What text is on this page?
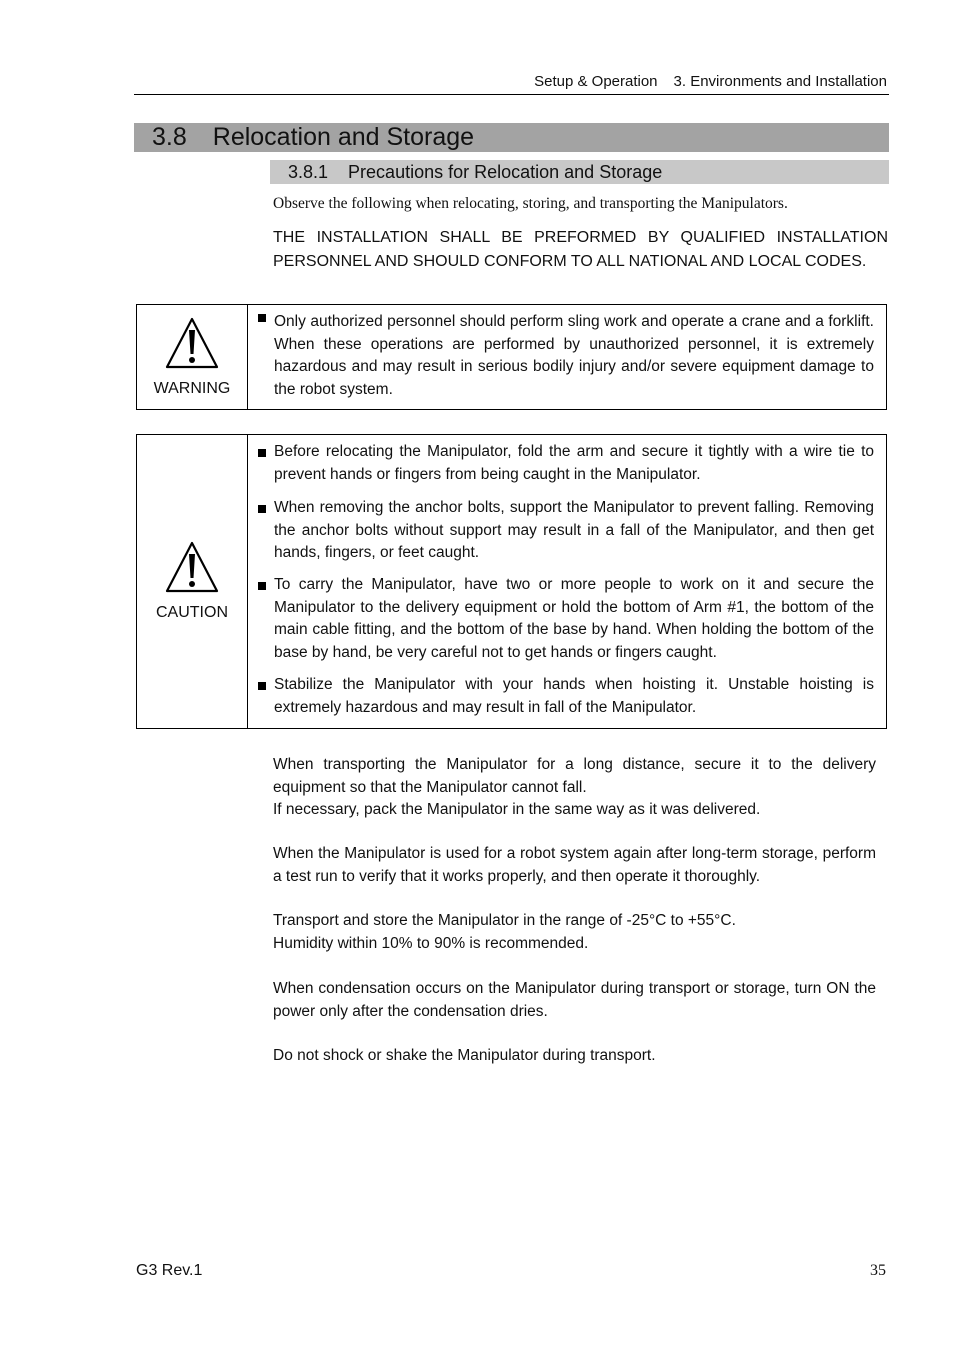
Setup & Operation 3. Environments and Installation
3.8 Relocation and Storage
3.8.1 Precautions for Relocation and Storage
Observe the following when relocating, storing, and transporting the Manipulators.
THE INSTALLATION SHALL BE PREFORMED BY QUALIFIED INSTALLATION PERSONNEL AND SHOULD CONFORM TO ALL NATIONAL AND LOCAL CODES.
WARNING
Only authorized personnel should perform sling work and operate a crane and a forklift. When these operations are performed by unauthorized personnel, it is extremely hazardous and may result in serious bodily injury and/or severe equipment damage to the robot system.
CAUTION
Before relocating the Manipulator, fold the arm and secure it tightly with a wire tie to prevent hands or fingers from being caught in the Manipulator.
When removing the anchor bolts, support the Manipulator to prevent falling. Removing the anchor bolts without support may result in a fall of the Manipulator, and then get hands, fingers, or feet caught.
To carry the Manipulator, have two or more people to work on it and secure the Manipulator to the delivery equipment or hold the bottom of Arm #1, the bottom of the main cable fitting, and the bottom of the base by hand. When holding the bottom of the base by hand, be very careful not to get hands or fingers caught.
Stabilize the Manipulator with your hands when hoisting it. Unstable hoisting is extremely hazardous and may result in fall of the Manipulator.
When transporting the Manipulator for a long distance, secure it to the delivery equipment so that the Manipulator cannot fall.
If necessary, pack the Manipulator in the same way as it was delivered.
When the Manipulator is used for a robot system again after long-term storage, perform a test run to verify that it works properly, and then operate it thoroughly.
Transport and store the Manipulator in the range of -25°C to +55°C.
Humidity within 10% to 90% is recommended.
When condensation occurs on the Manipulator during transport or storage, turn ON the power only after the condensation dries.
Do not shock or shake the Manipulator during transport.
G3 Rev.1	35
